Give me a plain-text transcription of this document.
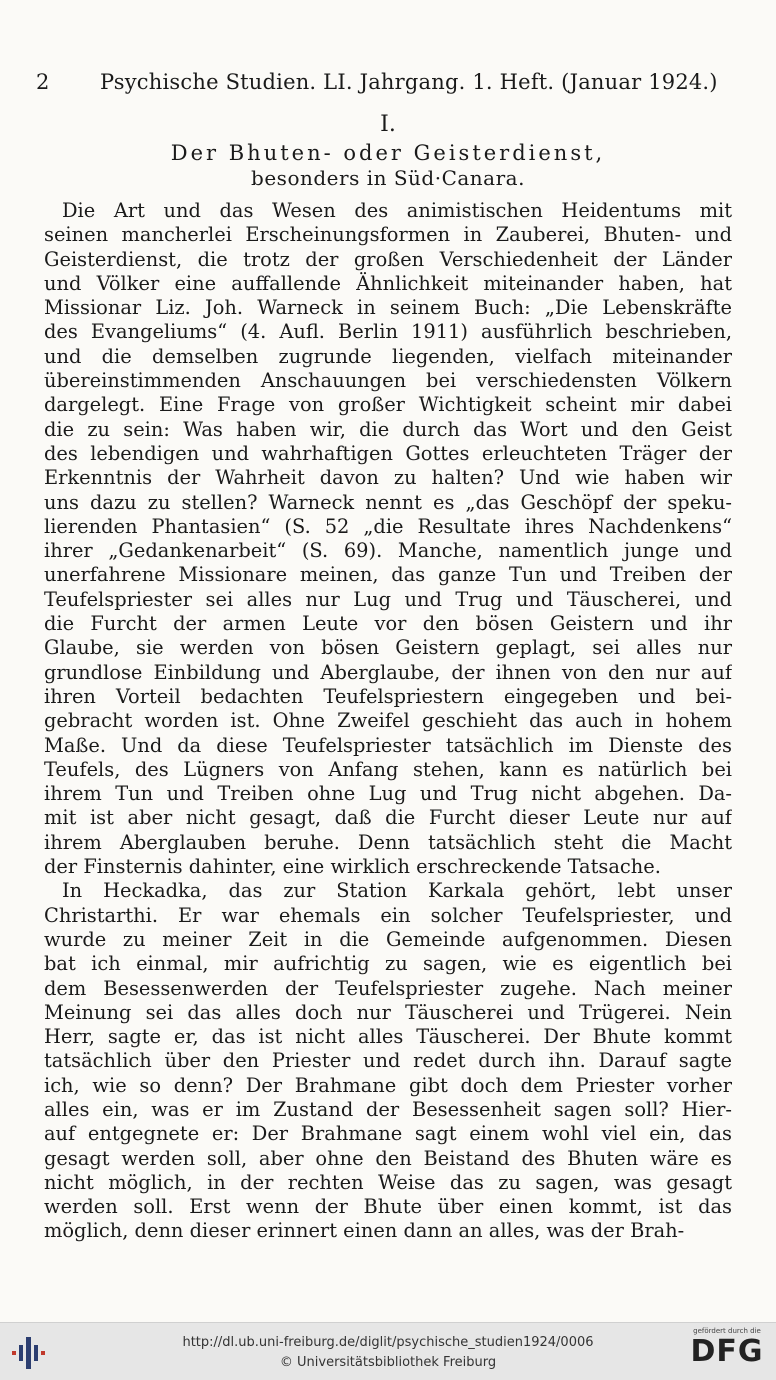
2 Psychische Studien. LI. Jahrgang. 1. Heft. (Januar 1924.)
I.
Der Bhuten- oder Geisterdienst,
besonders in Süd·Canara.
Die Art und das Wesen des animistischen Heidentums mit
seinen mancherlei Erscheinungsformen in Zauberei, Bhuten- und
Geisterdienst, die trotz der großen Verschiedenheit der Länder
und Völker eine auffallende Ähnlichkeit miteinander haben, hat
Missionar Liz. Joh. Warneck in seinem Buch: „Die Lebenskräfte
des Evangeliums“ (4. Aufl. Berlin 1911) ausführlich beschrieben,
und die demselben zugrunde liegenden, vielfach miteinander
übereinstimmenden Anschauungen bei verschiedensten Völkern
dargelegt. Eine Frage von großer Wichtigkeit scheint mir dabei
die zu sein: Was haben wir, die durch das Wort und den Geist
des lebendigen und wahrhaftigen Gottes erleuchteten Träger der
Erkenntnis der Wahrheit davon zu halten? Und wie haben wir
uns dazu zu stellen? Warneck nennt es „das Geschöpf der speku-
lierenden Phantasien“ (S. 52 „die Resultate ihres Nachdenkens“
ihrer „Gedankenarbeit“ (S. 69). Manche, namentlich junge und
unerfahrene Missionare meinen, das ganze Tun und Treiben der
Teufelspriester sei alles nur Lug und Trug und Täuscherei, und
die Furcht der armen Leute vor den bösen Geistern und ihr
Glaube, sie werden von bösen Geistern geplagt, sei alles nur
grundlose Einbildung und Aberglaube, der ihnen von den nur auf
ihren Vorteil bedachten Teufelspriestern eingegeben und bei-
gebracht worden ist. Ohne Zweifel geschieht das auch in hohem
Maße. Und da diese Teufelspriester tatsächlich im Dienste des
Teufels, des Lügners von Anfang stehen, kann es natürlich bei
ihrem Tun und Treiben ohne Lug und Trug nicht abgehen. Da-
mit ist aber nicht gesagt, daß die Furcht dieser Leute nur auf
ihrem Aberglauben beruhe. Denn tatsächlich steht die Macht
der Finsternis dahinter, eine wirklich erschreckende Tatsache.
In Heckadka, das zur Station Karkala gehört, lebt unser
Christarthi. Er war ehemals ein solcher Teufelspriester, und
wurde zu meiner Zeit in die Gemeinde aufgenommen. Diesen
bat ich einmal, mir aufrichtig zu sagen, wie es eigentlich bei
dem Besessenwerden der Teufelspriester zugehe. Nach meiner
Meinung sei das alles doch nur Täuscherei und Trügerei. Nein
Herr, sagte er, das ist nicht alles Täuscherei. Der Bhute kommt
tatsächlich über den Priester und redet durch ihn. Darauf sagte
ich, wie so denn? Der Brahmane gibt doch dem Priester vorher
alles ein, was er im Zustand der Besessenheit sagen soll? Hier-
auf entgegnete er: Der Brahmane sagt einem wohl viel ein, das
gesagt werden soll, aber ohne den Beistand des Bhuten wäre es
nicht möglich, in der rechten Weise das zu sagen, was gesagt
werden soll. Erst wenn der Bhute über einen kommt, ist das
möglich, denn dieser erinnert einen dann an alles, was der Brah-
http://dl.ub.uni-freiburg.de/diglit/psychische_studien1924/0006
© Universitätsbibliothek Freiburg
gefördert durch die
DFG
